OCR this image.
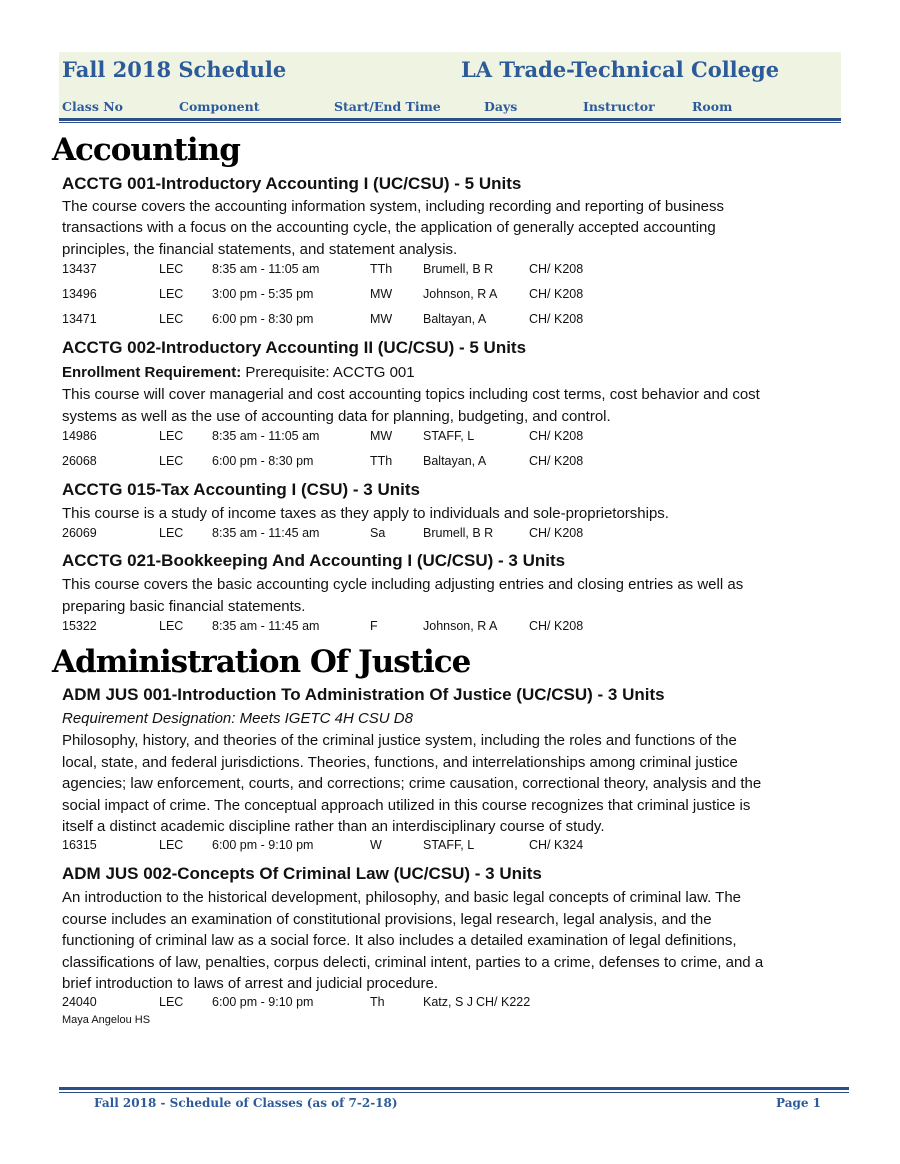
Fall 2018 Schedule	LA Trade-Technical College
Class No	Component	Start/End Time	Days	Instructor	Room
Accounting
ACCTG 001-Introductory Accounting I (UC/CSU) - 5 Units
The course covers the accounting information system, including recording and reporting of business
transactions with a focus on the accounting cycle, the application of generally accepted accounting
principles, the financial statements, and statement analysis.
13437	LEC 8:35 am - 11:05 am	TTh Brumell, B R	CH/ K208
13496	LEC 3:00 pm - 5:35 pm	MW Johnson, R A	CH/ K208
13471	LEC 6:00 pm - 8:30 pm	MW Baltayan, A	CH/ K208
ACCTG 002-Introductory Accounting II (UC/CSU) - 5 Units
Enrollment Requirement: Prerequisite: ACCTG 001
This course will cover managerial and cost accounting topics including cost terms, cost behavior and cost
systems as well as the use of accounting data for planning, budgeting, and control.
14986	LEC 8:35 am - 11:05 am	MW STAFF, L	CH/ K208
26068	LEC 6:00 pm - 8:30 pm	TTh Baltayan, A	CH/ K208
ACCTG 015-Tax Accounting I (CSU) - 3 Units
This course is a study of income taxes as they apply to individuals and sole-proprietorships.
26069	LEC 8:35 am - 11:45 am	Sa	Brumell, B R	CH/ K208
ACCTG 021-Bookkeeping And Accounting I (UC/CSU) - 3 Units
This course covers the basic accounting cycle including adjusting entries and closing entries as well as
preparing basic financial statements.
15322	LEC 8:35 am - 11:45 am	F	Johnson, R A	CH/ K208
Administration Of Justice
ADM JUS 001-Introduction To Administration Of Justice (UC/CSU) - 3 Units
Requirement Designation: Meets IGETC 4H CSU D8
Philosophy, history, and theories of the criminal justice system, including the roles and functions of the
local, state, and federal jurisdictions. Theories, functions, and interrelationships among criminal justice
agencies; law enforcement, courts, and corrections; crime causation, correctional theory, analysis and the
social impact of crime. The conceptual approach utilized in this course recognizes that criminal justice is
itself a distinct academic discipline rather than an interdisciplinary course of study.
16315	LEC 6:00 pm - 9:10 pm	W	STAFF, L	CH/ K324
ADM JUS 002-Concepts Of Criminal Law (UC/CSU) - 3 Units
An introduction to the historical development, philosophy, and basic legal concepts of criminal law. The
course includes an examination of constitutional provisions, legal research, legal analysis, and the
functioning of criminal law as a social force. It also includes a detailed examination of legal definitions,
classifications of law, penalties, corpus delecti, criminal intent, parties to a crime, defenses to crime, and a
brief introduction to laws of arrest and judicial procedure.
24040	LEC 6:00 pm - 9:10 pm	Th	Katz, S J CH/ K222
Maya Angelou HS
Fall 2018 - Schedule of Classes (as of 7-2-18)	Page 1
